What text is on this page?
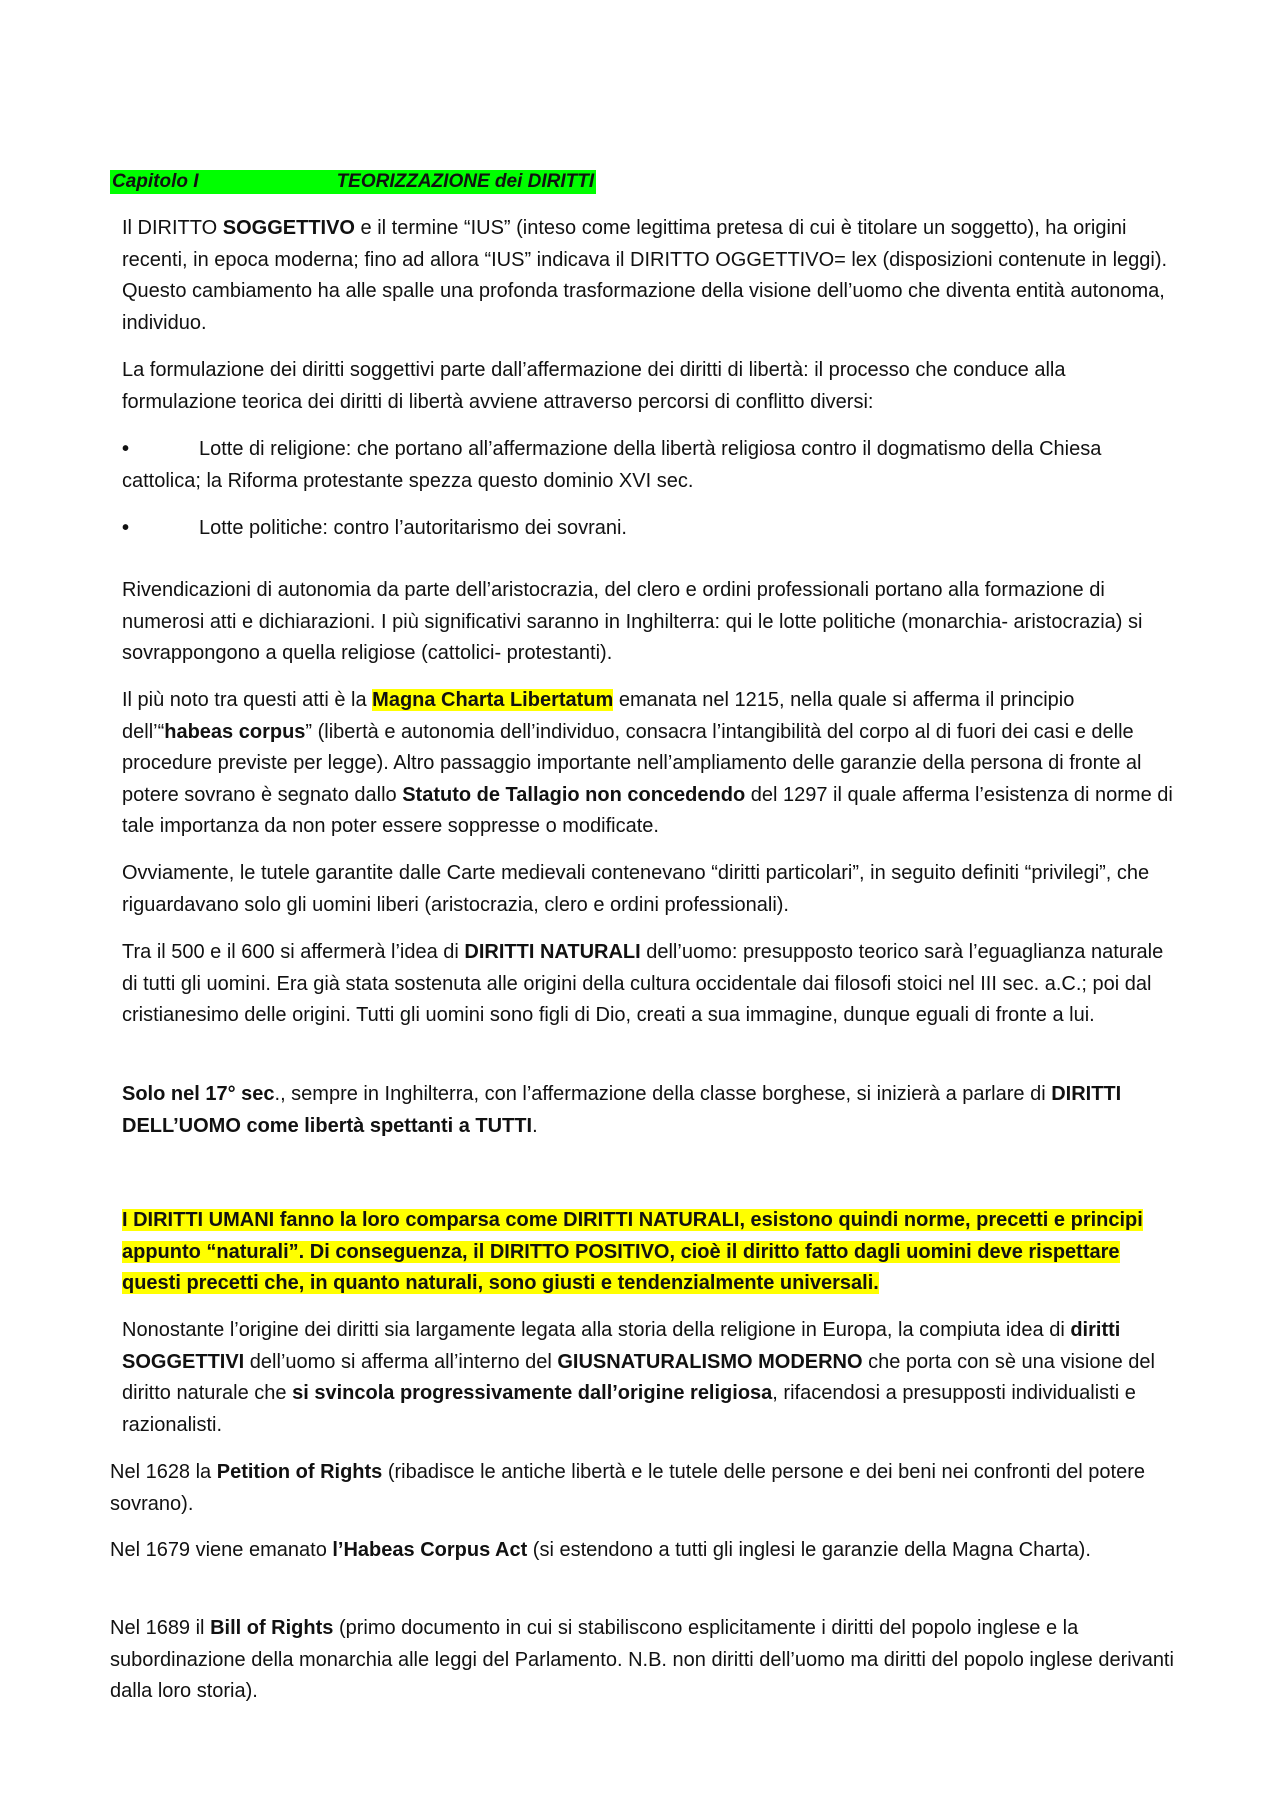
Capitolo I	TEORIZZAZIONE dei DIRITTI

Il DIRITTO SOGGETTIVO e il termine “IUS” (inteso come legittima pretesa di cui è titolare un soggetto), ha origini recenti, in epoca moderna; fino ad allora “IUS” indicava il DIRITTO OGGETTIVO= lex (disposizioni contenute in leggi). Questo cambiamento ha alle spalle una profonda trasformazione della visione dell’uomo che diventa entità autonoma, individuo.

La formulazione dei diritti soggettivi parte dall’affermazione dei diritti di libertà: il processo che conduce alla formulazione teorica dei diritti di libertà avviene attraverso percorsi di conflitto diversi:

•	Lotte di religione: che portano all’affermazione della libertà religiosa contro il dogmatismo della Chiesa cattolica; la Riforma protestante spezza questo dominio XVI sec.

•	Lotte politiche: contro l’autoritarismo dei sovrani.

Rivendicazioni di autonomia da parte dell’aristocrazia, del clero e ordini professionali portano alla formazione di numerosi atti e dichiarazioni. I più significativi saranno in Inghilterra: qui le lotte politiche (monarchia- aristocrazia) si sovrappongono a quella religiose (cattolici- protestanti).

Il più noto tra questi atti è la Magna Charta Libertatum emanata nel 1215, nella quale si afferma il principio dell’“habeas corpus” (libertà e autonomia dell’individuo, consacra l’intangibilità del corpo al di fuori dei casi e delle procedure previste per legge). Altro passaggio importante nell’ampliamento delle garanzie della persona di fronte al potere sovrano è segnato dallo Statuto de Tallagio non concedendo del 1297 il quale afferma l’esistenza di norme di tale importanza da non poter essere soppresse o modificate.

Ovviamente, le tutele garantite dalle Carte medievali contenevano “diritti particolari”, in seguito definiti “privilegi”, che riguardavano solo gli uomini liberi (aristocrazia, clero e ordini professionali).

Tra il 500 e il 600 si affermerà l’idea di DIRITTI NATURALI dell’uomo: presupposto teorico sarà l’eguaglianza naturale di tutti gli uomini. Era già stata sostenuta alle origini della cultura occidentale dai filosofi stoici nel III sec. a.C.; poi dal cristianesimo delle origini. Tutti gli uomini sono figli di Dio, creati a sua immagine, dunque eguali di fronte a lui.

Solo nel 17° sec., sempre in Inghilterra, con l’affermazione della classe borghese, si inizierà a parlare di DIRITTI DELL’UOMO come libertà spettanti a TUTTI.

I DIRITTI UMANI fanno la loro comparsa come DIRITTI NATURALI, esistono quindi norme, precetti e principi appunto “naturali”. Di conseguenza, il DIRITTO POSITIVO, cioè il diritto fatto dagli uomini deve rispettare questi precetti che, in quanto naturali, sono giusti e tendenzialmente universali.

Nonostante l’origine dei diritti sia largamente legata alla storia della religione in Europa, la compiuta idea di diritti SOGGETTIVI dell’uomo si afferma all’interno del GIUSNATURALISMO MODERNO che porta con sè una visione del diritto naturale che si svincola progressivamente dall’origine religiosa, rifacendosi a presupposti individualisti e razionalisti.

Nel 1628 la Petition of Rights (ribadisce le antiche libertà e le tutele delle persone e dei beni nei confronti del potere sovrano).

Nel 1679 viene emanato l’Habeas Corpus Act (si estendono a tutti gli inglesi le garanzie della Magna Charta).

Nel 1689 il Bill of Rights (primo documento in cui si stabiliscono esplicitamente i diritti del popolo inglese e la subordinazione della monarchia alle leggi del Parlamento. N.B. non diritti dell’uomo ma diritti del popolo inglese derivanti dalla loro storia).
